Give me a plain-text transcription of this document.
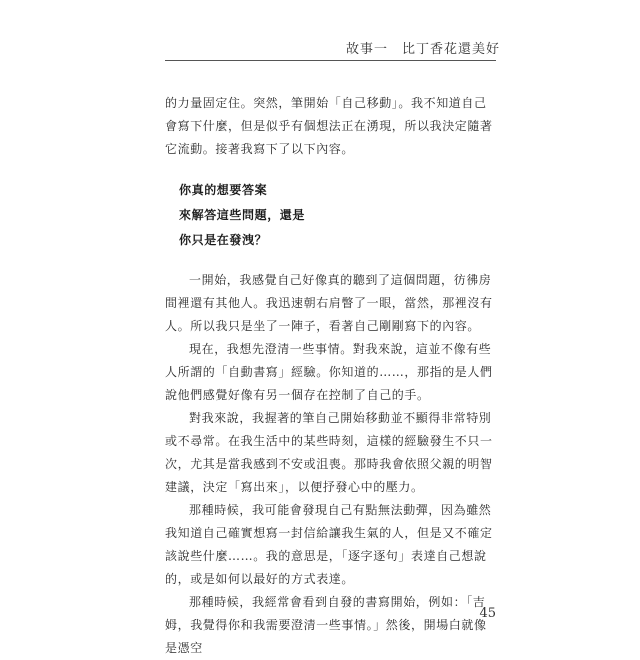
故事一　比丁香花還美好

的力量固定住。突然，筆開始「自己移動」。我不知道自己會寫下什麼，但是似乎有個想法正在湧現，所以我決定隨著它流動。接著我寫下了以下內容。

你真的想要答案
來解答這些問題，還是
你只是在發洩？

一開始，我感覺自己好像真的聽到了這個問題，彷彿房間裡還有其他人。我迅速朝右肩瞥了一眼，當然，那裡沒有人。所以我只是坐了一陣子，看著自己剛剛寫下的內容。

現在，我想先澄清一些事情。對我來說，這並不像有些人所謂的「自動書寫」經驗。你知道的……，那指的是人們說他們感覺好像有另一個存在控制了自己的手。

對我來說，我握著的筆自己開始移動並不顯得非常特別或不尋常。在我生活中的某些時刻，這樣的經驗發生不只一次，尤其是當我感到不安或沮喪。那時我會依照父親的明智建議，決定「寫出來」，以便抒發心中的壓力。

那種時候，我可能會發現自己有點無法動彈，因為雖然我知道自己確實想寫一封信給讓我生氣的人，但是又不確定該說些什麼……。我的意思是，「逐字逐句」表達自己想說的，或是如何以最好的方式表達。

那種時候，我經常會看到自發的書寫開始，例如：「吉姆，我覺得你和我需要澄清一些事情。」然後，開場白就像是憑空

45
